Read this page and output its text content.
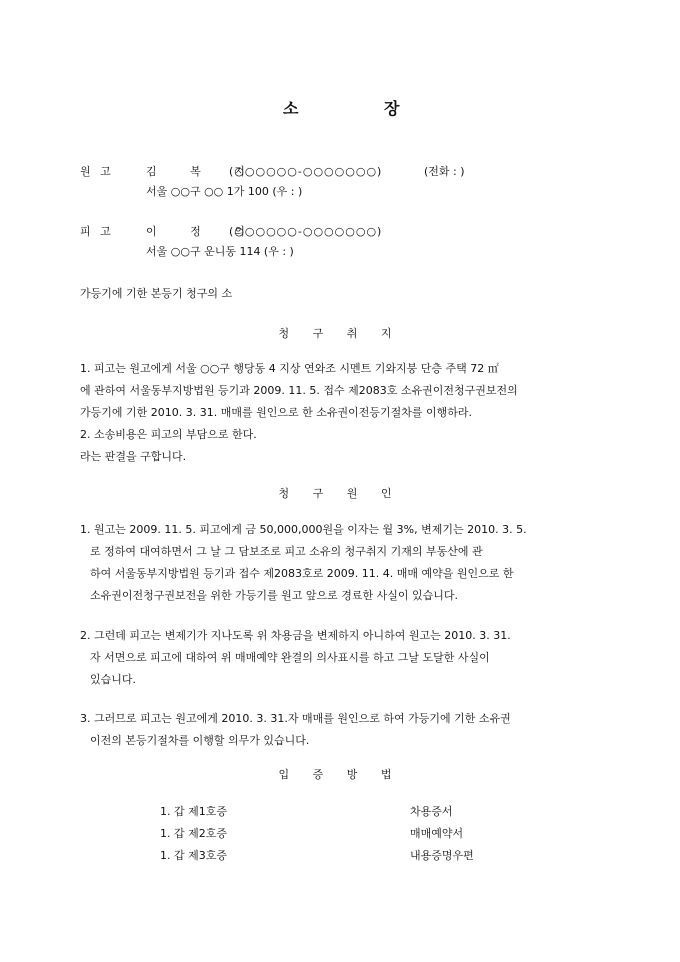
소	장
원 고	김 복 지
(○○○○○○-○○○○○○○)	(전화 : )
서울 ○○구 ○○ 1가 100 (우 : )
피 고	이 정 의
(○○○○○○-○○○○○○○)
서울 ○○구 운니동 114 (우 : )
가등기에 기한 본등기 청구의 소
청 구 취 지
1. 피고는 원고에게 서울 ○○구 행당동 4 지상 연와조 시멘트 기와지붕 단층 주택 72 ㎡
에 관하여 서울동부지방법원 등기과 2009. 11. 5. 접수 제2083호 소유권이전청구권보전의
가등기에 기한 2010. 3. 31. 매매를 원인으로 한 소유권이전등기절차를 이행하라.
2. 소송비용은 피고의 부담으로 한다.
라는 판결을 구합니다.
청 구 원 인
1. 원고는 2009. 11. 5. 피고에게 금 50,000,000원을 이자는 월 3%, 변제기는 2010. 3. 5.
로 정하여 대여하면서 그 날 그 담보조로 피고 소유의 청구취지 기재의 부동산에 관
하여 서울동부지방법원 등기과 접수 제2083호로 2009. 11. 4. 매매 예약을 원인으로 한
소유권이전청구권보전을 위한 가등기를 원고 앞으로 경료한 사실이 있습니다.
2. 그런데 피고는 변제기가 지나도록 위 차용금을 변제하지 아니하여 원고는 2010. 3. 31.
자 서면으로 피고에 대하여 위 매매예약 완결의 의사표시를 하고 그날 도달한 사실이
있습니다.
3. 그러므로 피고는 원고에게 2010. 3. 31.자 매매를 원인으로 하여 가등기에 기한 소유권
이전의 본등기절차를 이행할 의무가 있습니다.
입 증 방 법
1. 갑 제1호증	차용증서
1. 갑 제2호증	매매예약서
1. 갑 제3호증	내용증명우편
